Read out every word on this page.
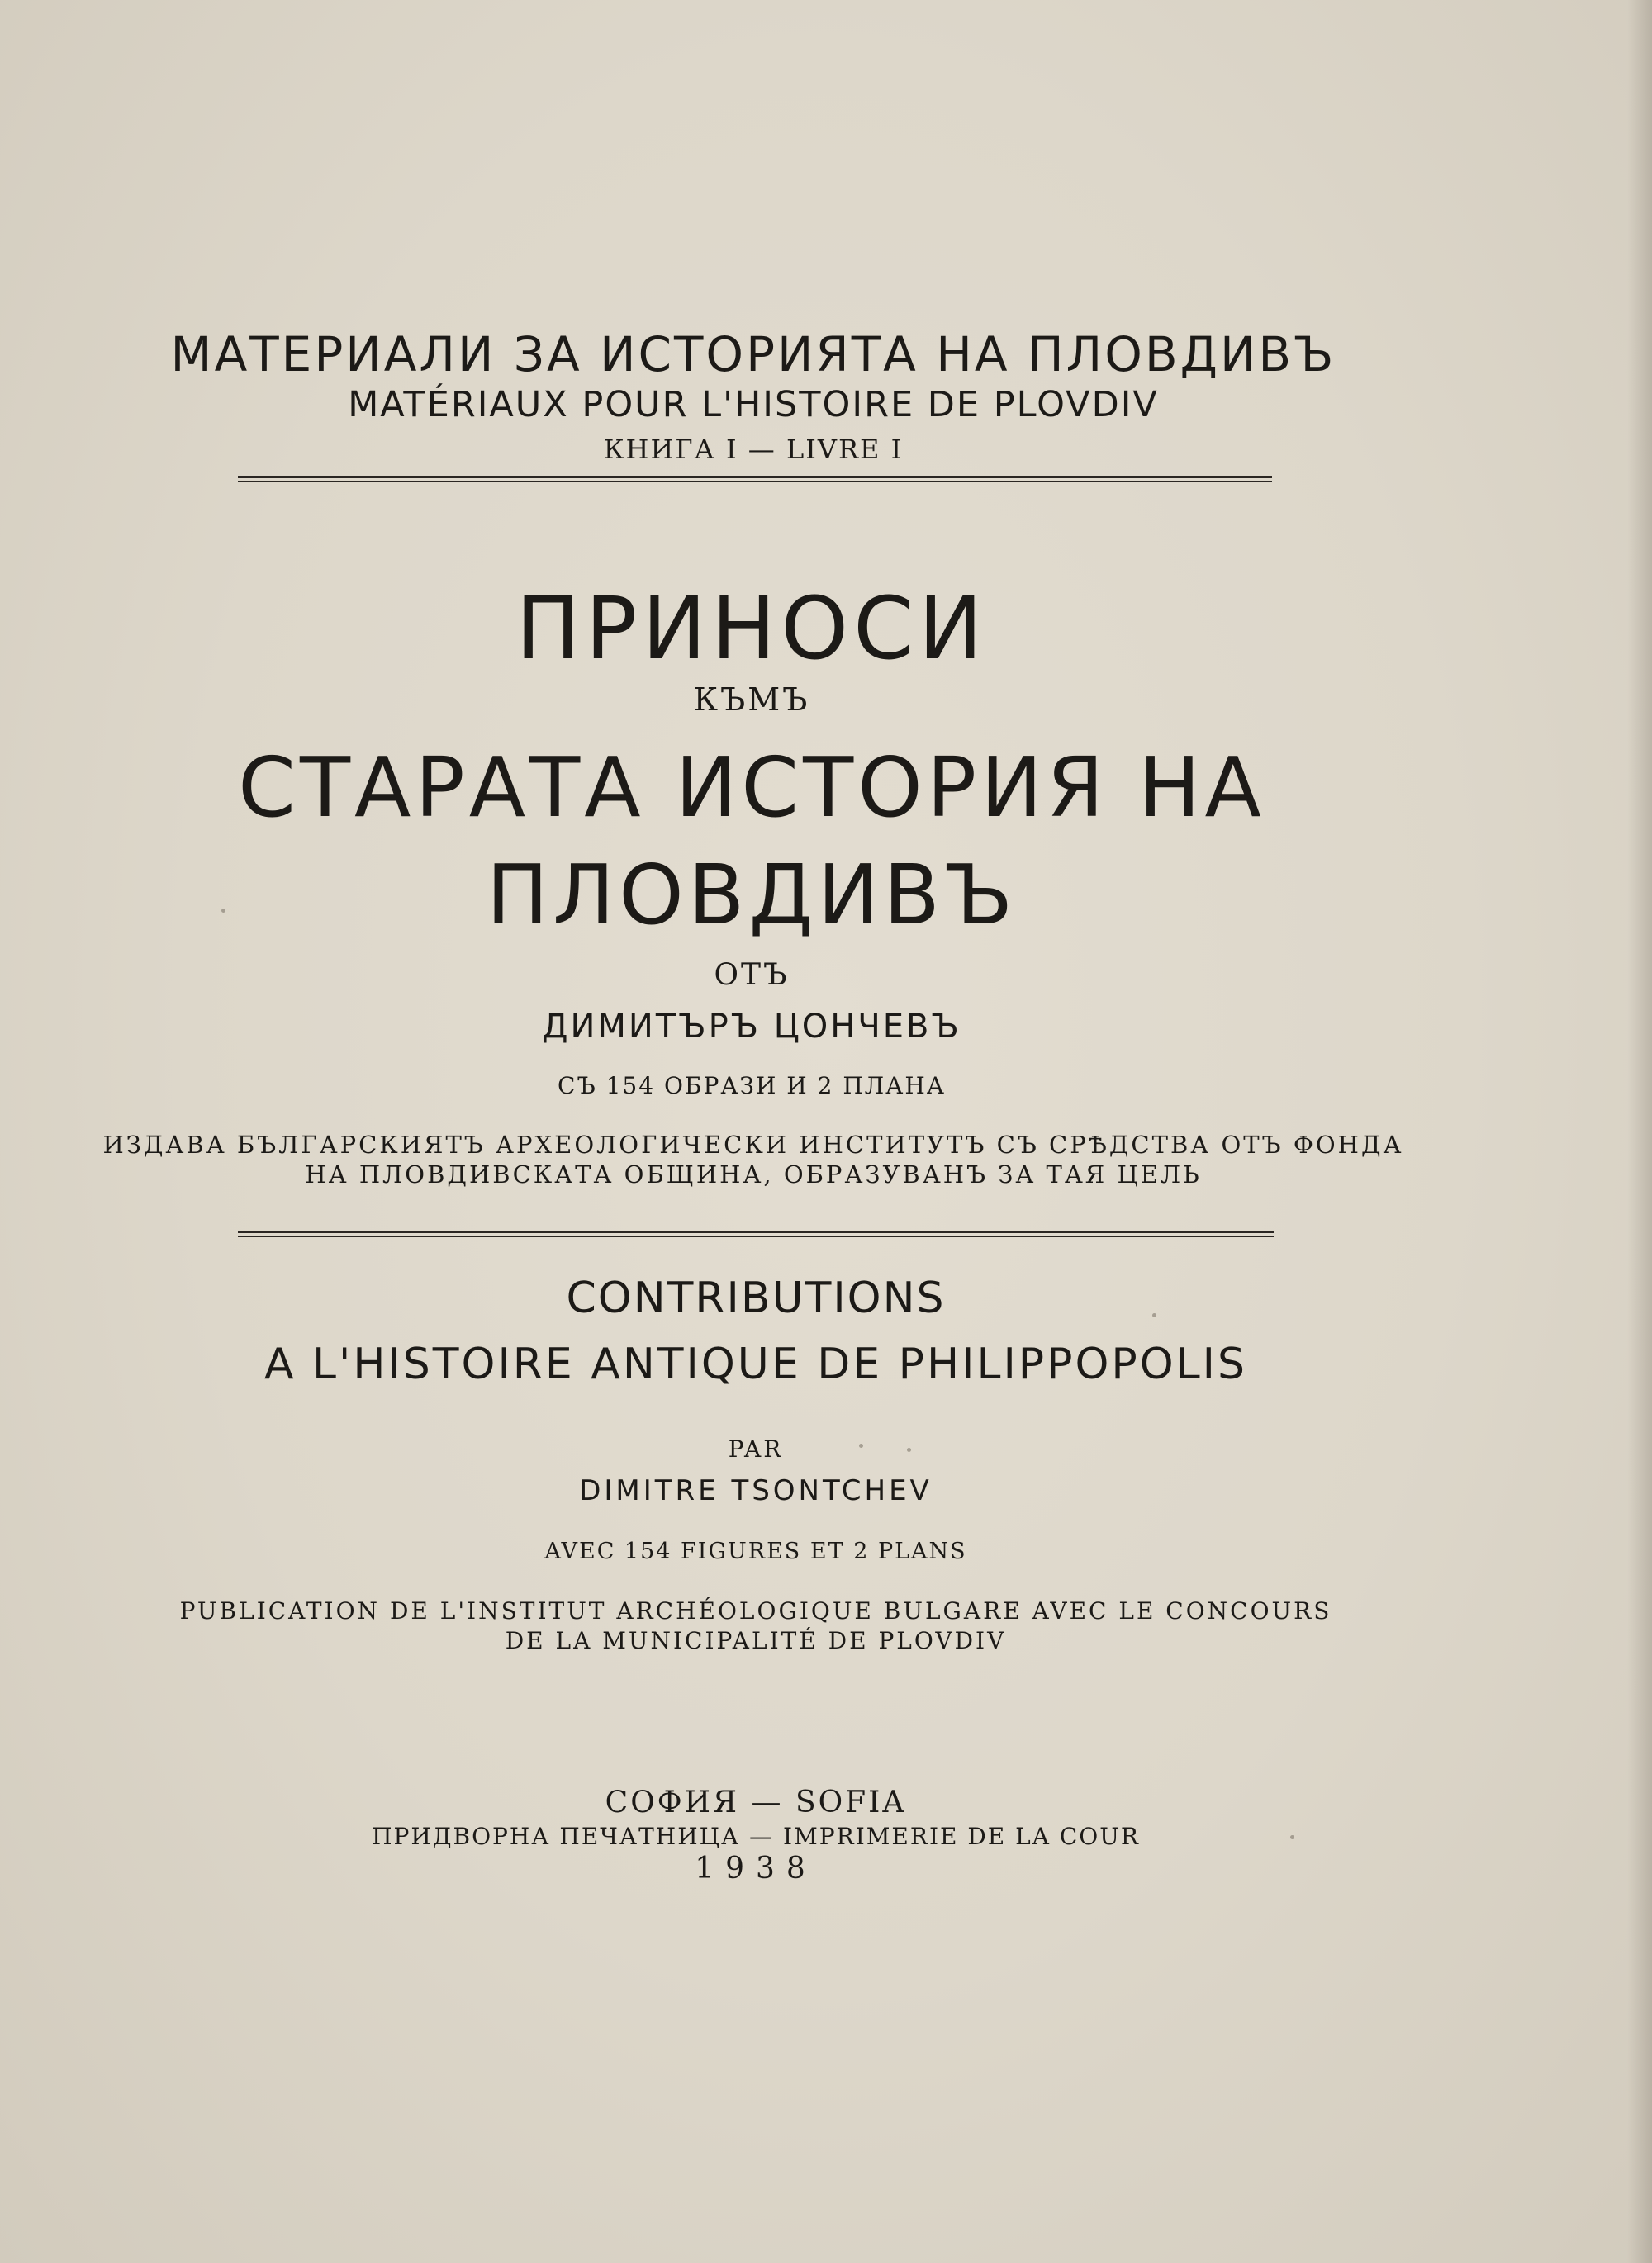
МАТЕРИАЛИ ЗА ИСТОРИЯТА НА ПЛОВДИВЪ
MATÉRIAUX POUR L'HISTOIRE DE PLOVDIV
КНИГА I — LIVRE I
ПРИНОСИ
КЪМЪ
СТАРАТА ИСТОРИЯ НА
ПЛОВДИВЪ
ОТЪ
ДИМИТЪРЪ ЦОНЧЕВЪ
СЪ 154 ОБРАЗИ И 2 ПЛАНА
ИЗДАВА БЪЛГАРСКИЯТЪ АРХЕОЛОГИЧЕСКИ ИНСТИТУТЪ СЪ СРѢДСТВА ОТЪ ФОНДА
НА ПЛОВДИВСКАТА ОБЩИНА, ОБРАЗУВАНЪ ЗА ТАЯ ЦЕЛЬ
CONTRIBUTIONS
A L'HISTOIRE ANTIQUE DE PHILIPPOPOLIS
PAR
DIMITRE TSONTCHEV
AVEC 154 FIGURES ET 2 PLANS
PUBLICATION DE L'INSTITUT ARCHÉOLOGIQUE BULGARE AVEC LE CONCOURS
DE LA MUNICIPALITÉ DE PLOVDIV
СОФИЯ — SOFIA
ПРИДВОРНА ПЕЧАТНИЦА — IMPRIMERIE DE LA COUR
1938
